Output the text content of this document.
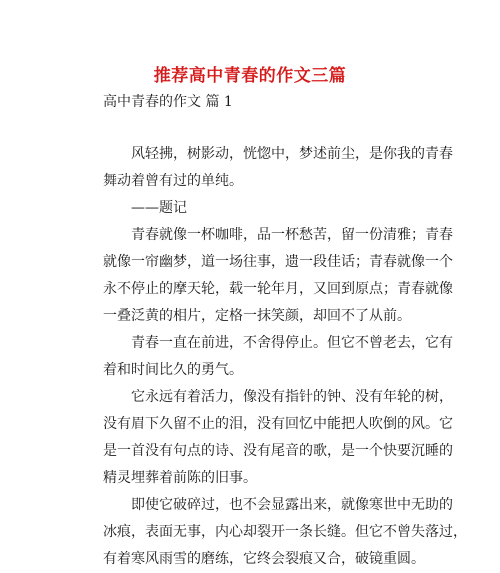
推荐高中青春的作文三篇
高中青春的作文 篇 1
　　风轻拂，树影动，恍惚中，梦述前尘，是你我的青春
舞动着曾有过的单纯。
　　——题记
　　青春就像一杯咖啡，品一杯愁苦，留一份清雅；青春
就像一帘幽梦，道一场往事，遗一段佳话；青春就像一个
永不停止的摩天轮，载一轮年月，又回到原点；青春就像
一叠泛黄的相片，定格一抹笑颜，却回不了从前。
　　青春一直在前进，不舍得停止。但它不曾老去，它有
着和时间比久的勇气。
　　它永远有着活力，像没有指针的钟、没有年轮的树，
没有眉下久留不止的泪，没有回忆中能把人吹倒的风。它
是一首没有句点的诗、没有尾音的歌，是一个快要沉睡的
精灵埋葬着前陈的旧事。
　　即使它破碎过，也不会显露出来，就像寒世中无助的
冰痕，表面无事，内心却裂开一条长缝。但它不曾失落过，
有着寒风雨雪的磨练，它终会裂痕又合，破镜重圆。
